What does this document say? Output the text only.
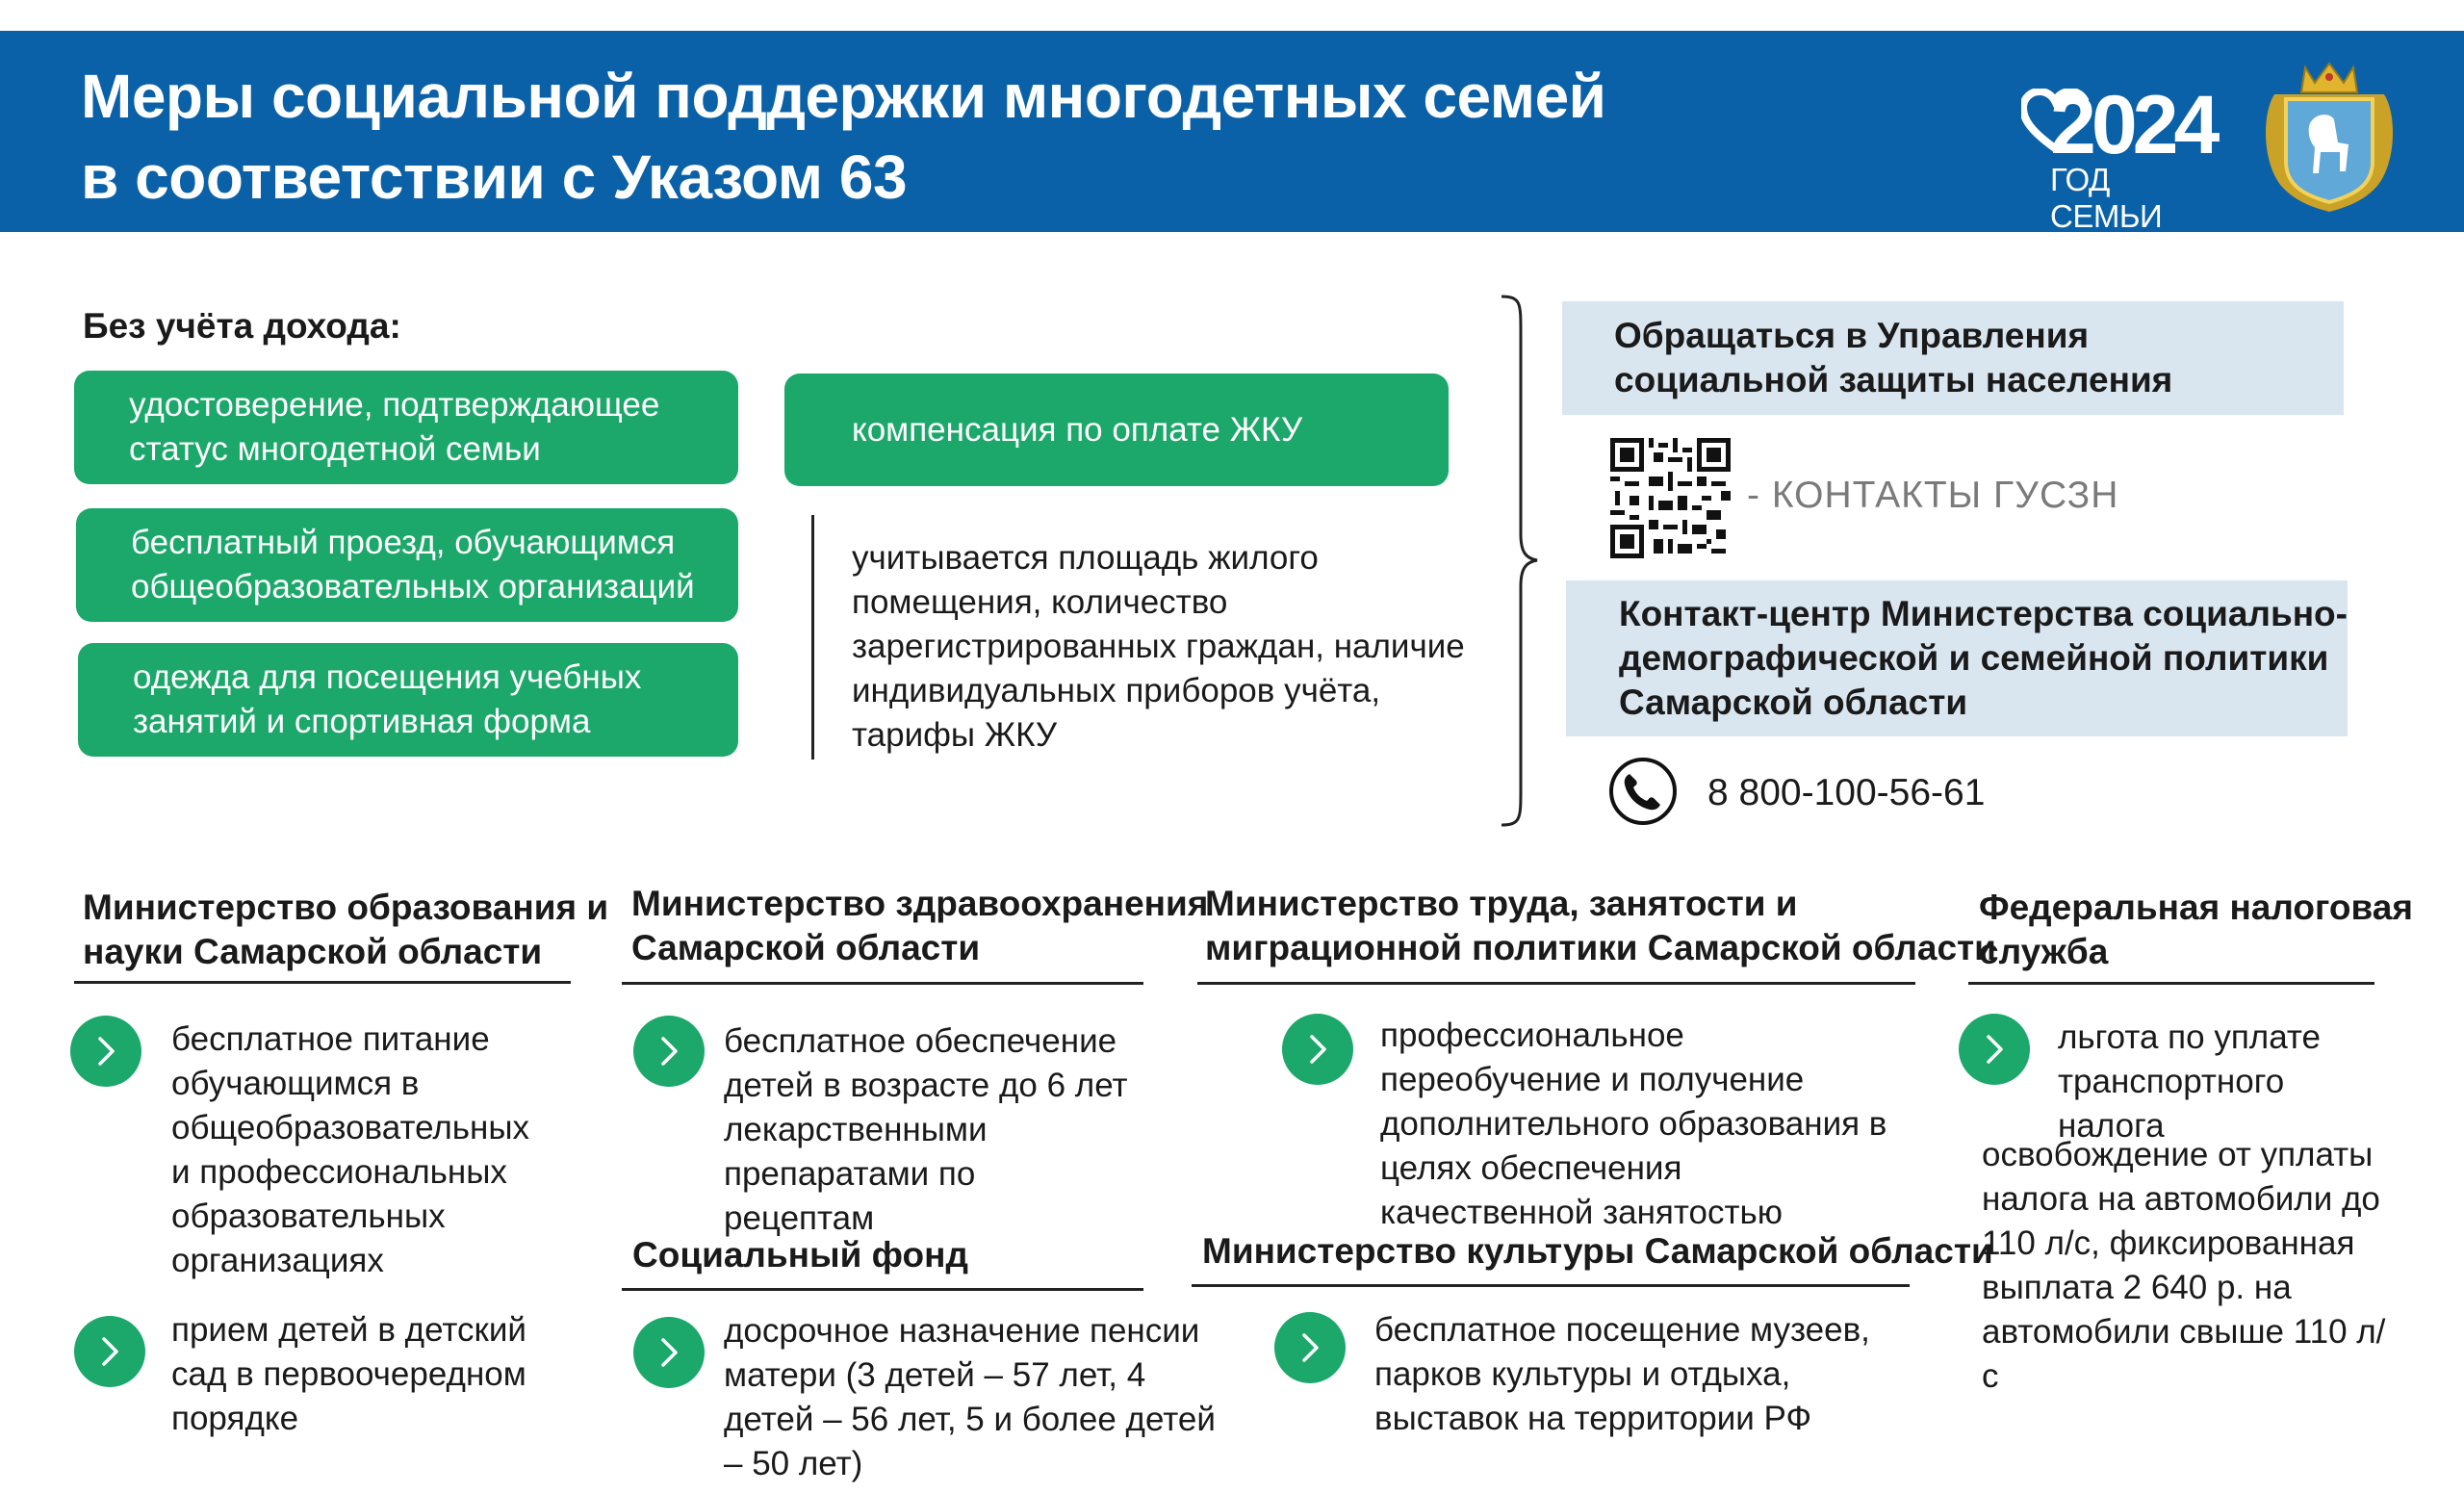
Меры социальной поддержки многодетных семей
в соответствии с Указом 63
2024
ГОД СЕМЬИ
Без учёта дохода:
удостоверение, подтверждающее статус многодетной семьи
бесплатный проезд, обучающимся общеобразовательных организаций
одежда для посещения учебных занятий и спортивная форма
компенсация по оплате ЖКУ
учитывается площадь жилого помещения, количество зарегистрированных граждан, наличие индивидуальных приборов учёта, тарифы ЖКУ
Обращаться в Управления
социальной защиты населения
- КОНТАКТЫ ГУСЗН
Контакт-центр Министерства социально-
демографической и семейной политики
Самарской области
8 800-100-56-61
Министерство образования и
науки Самарской области
бесплатное питание обучающимся в общеобразовательных и профессиональных образовательных организациях
прием детей в детский сад в первоочередном порядке
Министерство здравоохранения
Самарской области
бесплатное обеспечение детей в возрасте до 6 лет лекарственными препаратами по рецептам
Социальный фонд
досрочное назначение пенсии матери (3 детей – 57 лет, 4 детей – 56 лет, 5 и более детей – 50 лет)
Министерство труда, занятости и
миграционной политики Самарской области
профессиональное переобучение и получение дополнительного образования в целях обеспечения качественной занятостью
Министерство культуры Самарской области
бесплатное посещение музеев, парков культуры и отдыха, выставок на территории РФ
Федеральная налоговая
служба
льгота по уплате транспортного налога
освобождение от уплаты налога на автомобили до 110 л/с, фиксированная выплата 2 640 р. на автомобили свыше 110 л/с
